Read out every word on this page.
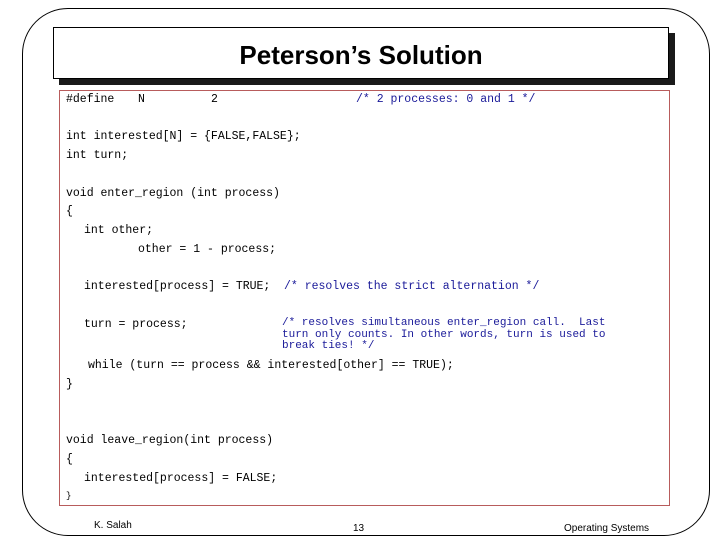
Peterson’s Solution
#define N	2	/* 2 processes: 0 and 1 */
int interested[N] = {FALSE,FALSE};
int turn;
void enter_region (int process)
{
int other;
other = 1 - process;
interested[process] = TRUE; /* resolves the strict alternation */
turn = process;	/* resolves simultaneous enter_region call.  Last
turn only counts. In other words, turn is used to
break ties! */
while (turn == process && interested[other] == TRUE);
}
void leave_region(int process)
{
interested[process] = FALSE;
}
K. Salah	13	Operating Systems
